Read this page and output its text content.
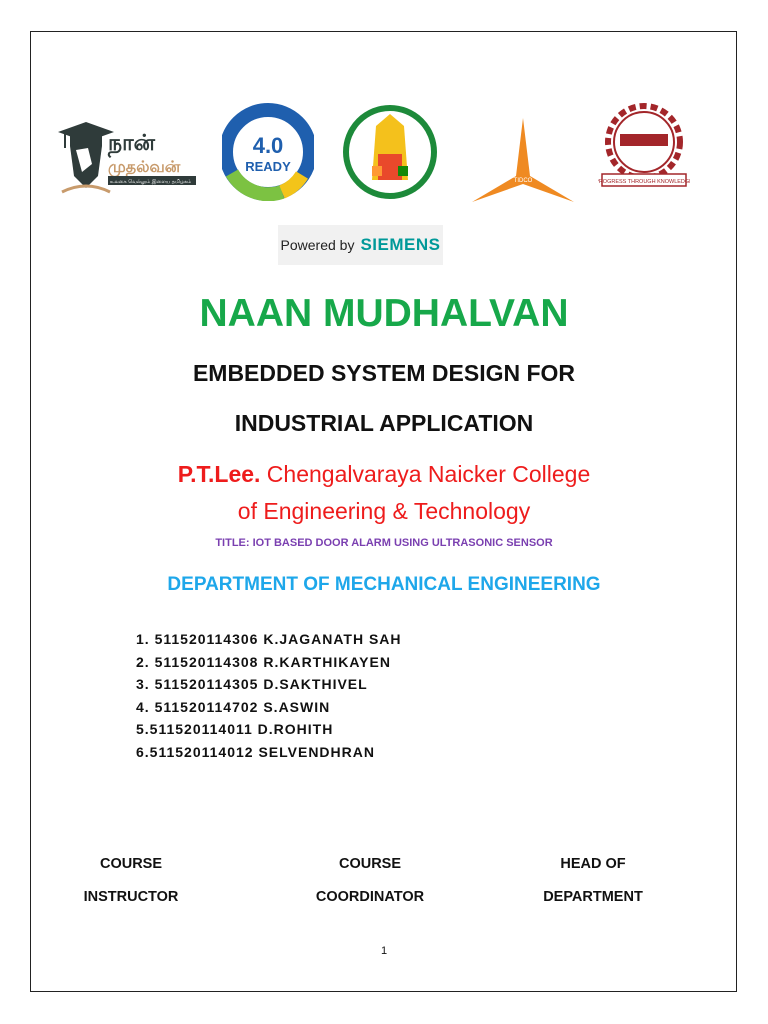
நான்
முதல்வன்
உலகை வெல்லும் இளைய தமிழகம்
4.0
READY
TIDCO	PROGRESS THROUGH KNOWLEDGE
Powered by SIEMENS
NAAN MUDHALVAN
EMBEDDED SYSTEM DESIGN FOR
INDUSTRIAL APPLICATION
P.T.Lee. Chengalvaraya Naicker College
of Engineering & Technology
TITLE: IOT BASED DOOR ALARM USING ULTRASONIC SENSOR
DEPARTMENT OF MECHANICAL ENGINEERING
1. 511520114306 K.JAGANATH SAH
2. 511520114308 R.KARTHIKAYEN
3. 511520114305 D.SAKTHIVEL
4. 511520114702 S.ASWIN
5.511520114011 D.ROHITH
6.511520114012 SELVENDHRAN
COURSE
INSTRUCTOR
COURSE
COORDINATOR
HEAD OF
DEPARTMENT
1
